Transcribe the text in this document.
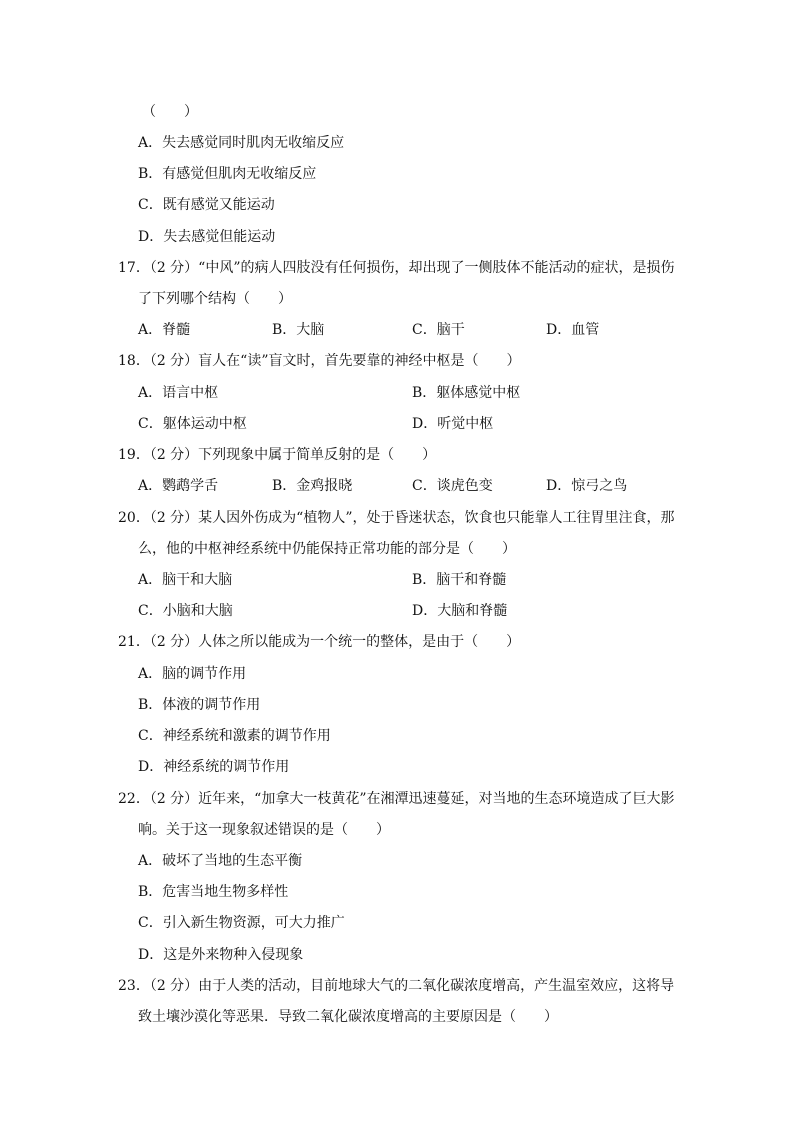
（　　）
A．失去感觉同时肌肉无收缩反应
B．有感觉但肌肉无收缩反应
C．既有感觉又能运动
D．失去感觉但能运动
17．（2 分）“中风”的病人四肢没有任何损伤，却出现了一侧肢体不能活动的症状，是损伤
了下列哪个结构（　　）
A．脊髓	B．大脑	C．脑干	D．血管
18．（2 分）盲人在“读”盲文时，首先要靠的神经中枢是（　　）
A．语言中枢	B．躯体感觉中枢
C．躯体运动中枢	D．听觉中枢
19．（2 分）下列现象中属于简单反射的是（　　）
A．鹦鹉学舌	B．金鸡报晓	C．谈虎色变	D．惊弓之鸟
20．（2 分）某人因外伤成为“植物人”，处于昏迷状态，饮食也只能靠人工往胃里注食，那
么，他的中枢神经系统中仍能保持正常功能的部分是（　　）
A．脑干和大脑	B．脑干和脊髓
C．小脑和大脑	D．大脑和脊髓
21．（2 分）人体之所以能成为一个统一的整体，是由于（　　）
A．脑的调节作用
B．体液的调节作用
C．神经系统和激素的调节作用
D．神经系统的调节作用
22．（2 分）近年来，“加拿大一枝黄花”在湘潭迅速蔓延，对当地的生态环境造成了巨大影
响。关于这一现象叙述错误的是（　　）
A．破坏了当地的生态平衡
B．危害当地生物多样性
C．引入新生物资源，可大力推广
D．这是外来物种入侵现象
23．（2 分）由于人类的活动，目前地球大气的二氧化碳浓度增高，产生温室效应，这将导
致土壤沙漠化等恶果．导致二氧化碳浓度增高的主要原因是（　　）
